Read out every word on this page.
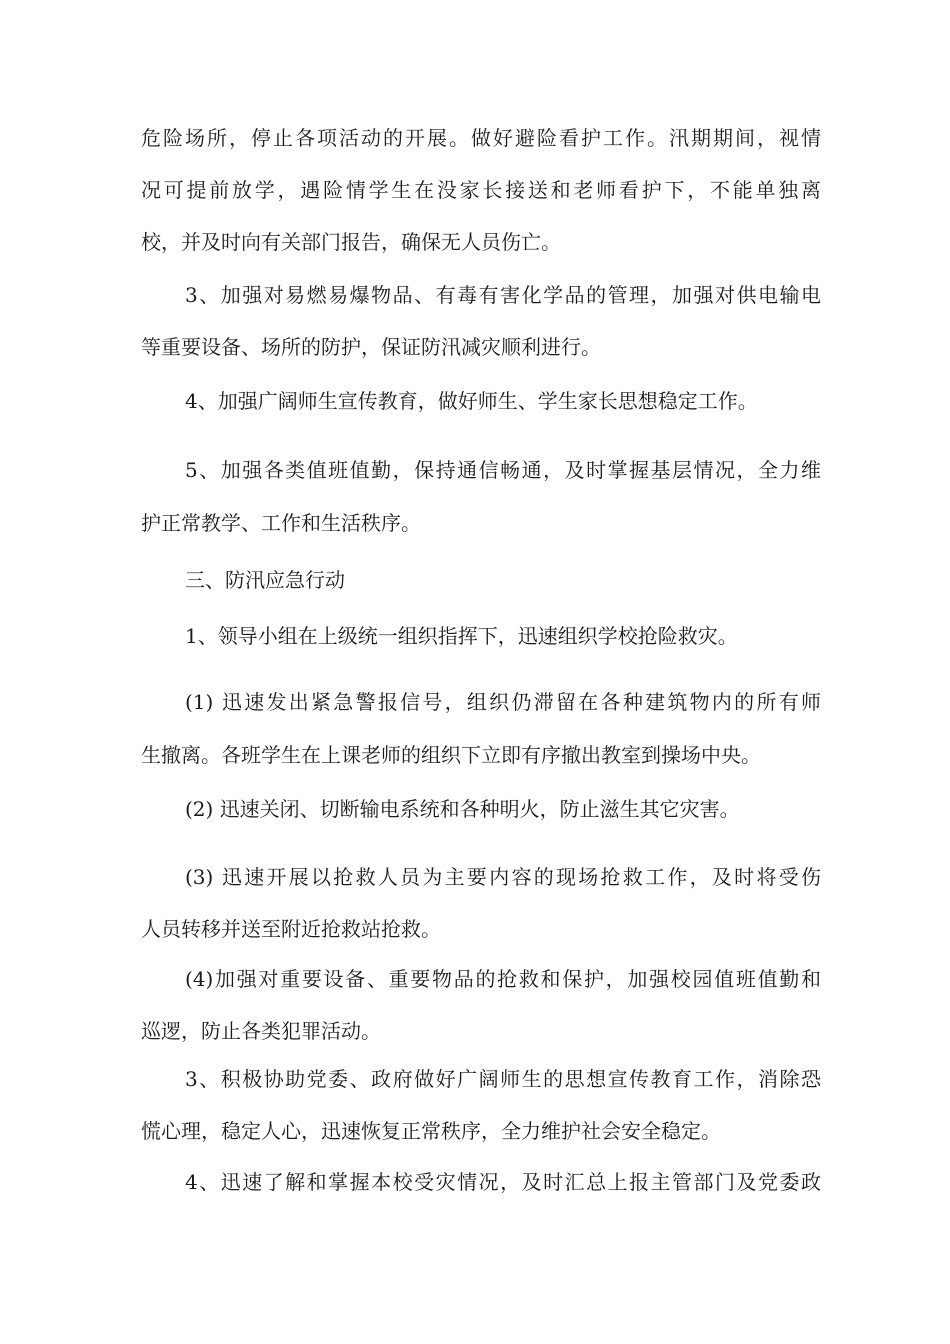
危险场所，停止各项活动的开展。做好避险看护工作。汛期期间，视情
况可提前放学，遇险情学生在没家长接送和老师看护下，不能单独离
校，并及时向有关部门报告，确保无人员伤亡。
3、加强对易燃易爆物品、有毒有害化学品的管理，加强对供电输电
等重要设备、场所的防护，保证防汛减灾顺利进行。
4、加强广阔师生宣传教育，做好师生、学生家长思想稳定工作。
5、加强各类值班值勤，保持通信畅通，及时掌握基层情况，全力维
护正常教学、工作和生活秩序。
三、防汛应急行动
1、领导小组在上级统一组织指挥下，迅速组织学校抢险救灾。
(1) 迅速发出紧急警报信号，组织仍滞留在各种建筑物内的所有师
生撤离。各班学生在上课老师的组织下立即有序撤出教室到操场中央。
(2) 迅速关闭、切断输电系统和各种明火，防止滋生其它灾害。
(3) 迅速开展以抢救人员为主要内容的现场抢救工作，及时将受伤
人员转移并送至附近抢救站抢救。
(4)加强对重要设备、重要物品的抢救和保护，加强校园值班值勤和
巡逻，防止各类犯罪活动。
3、积极协助党委、政府做好广阔师生的思想宣传教育工作，消除恐
慌心理，稳定人心，迅速恢复正常秩序，全力维护社会安全稳定。
4、迅速了解和掌握本校受灾情况，及时汇总上报主管部门及党委政
